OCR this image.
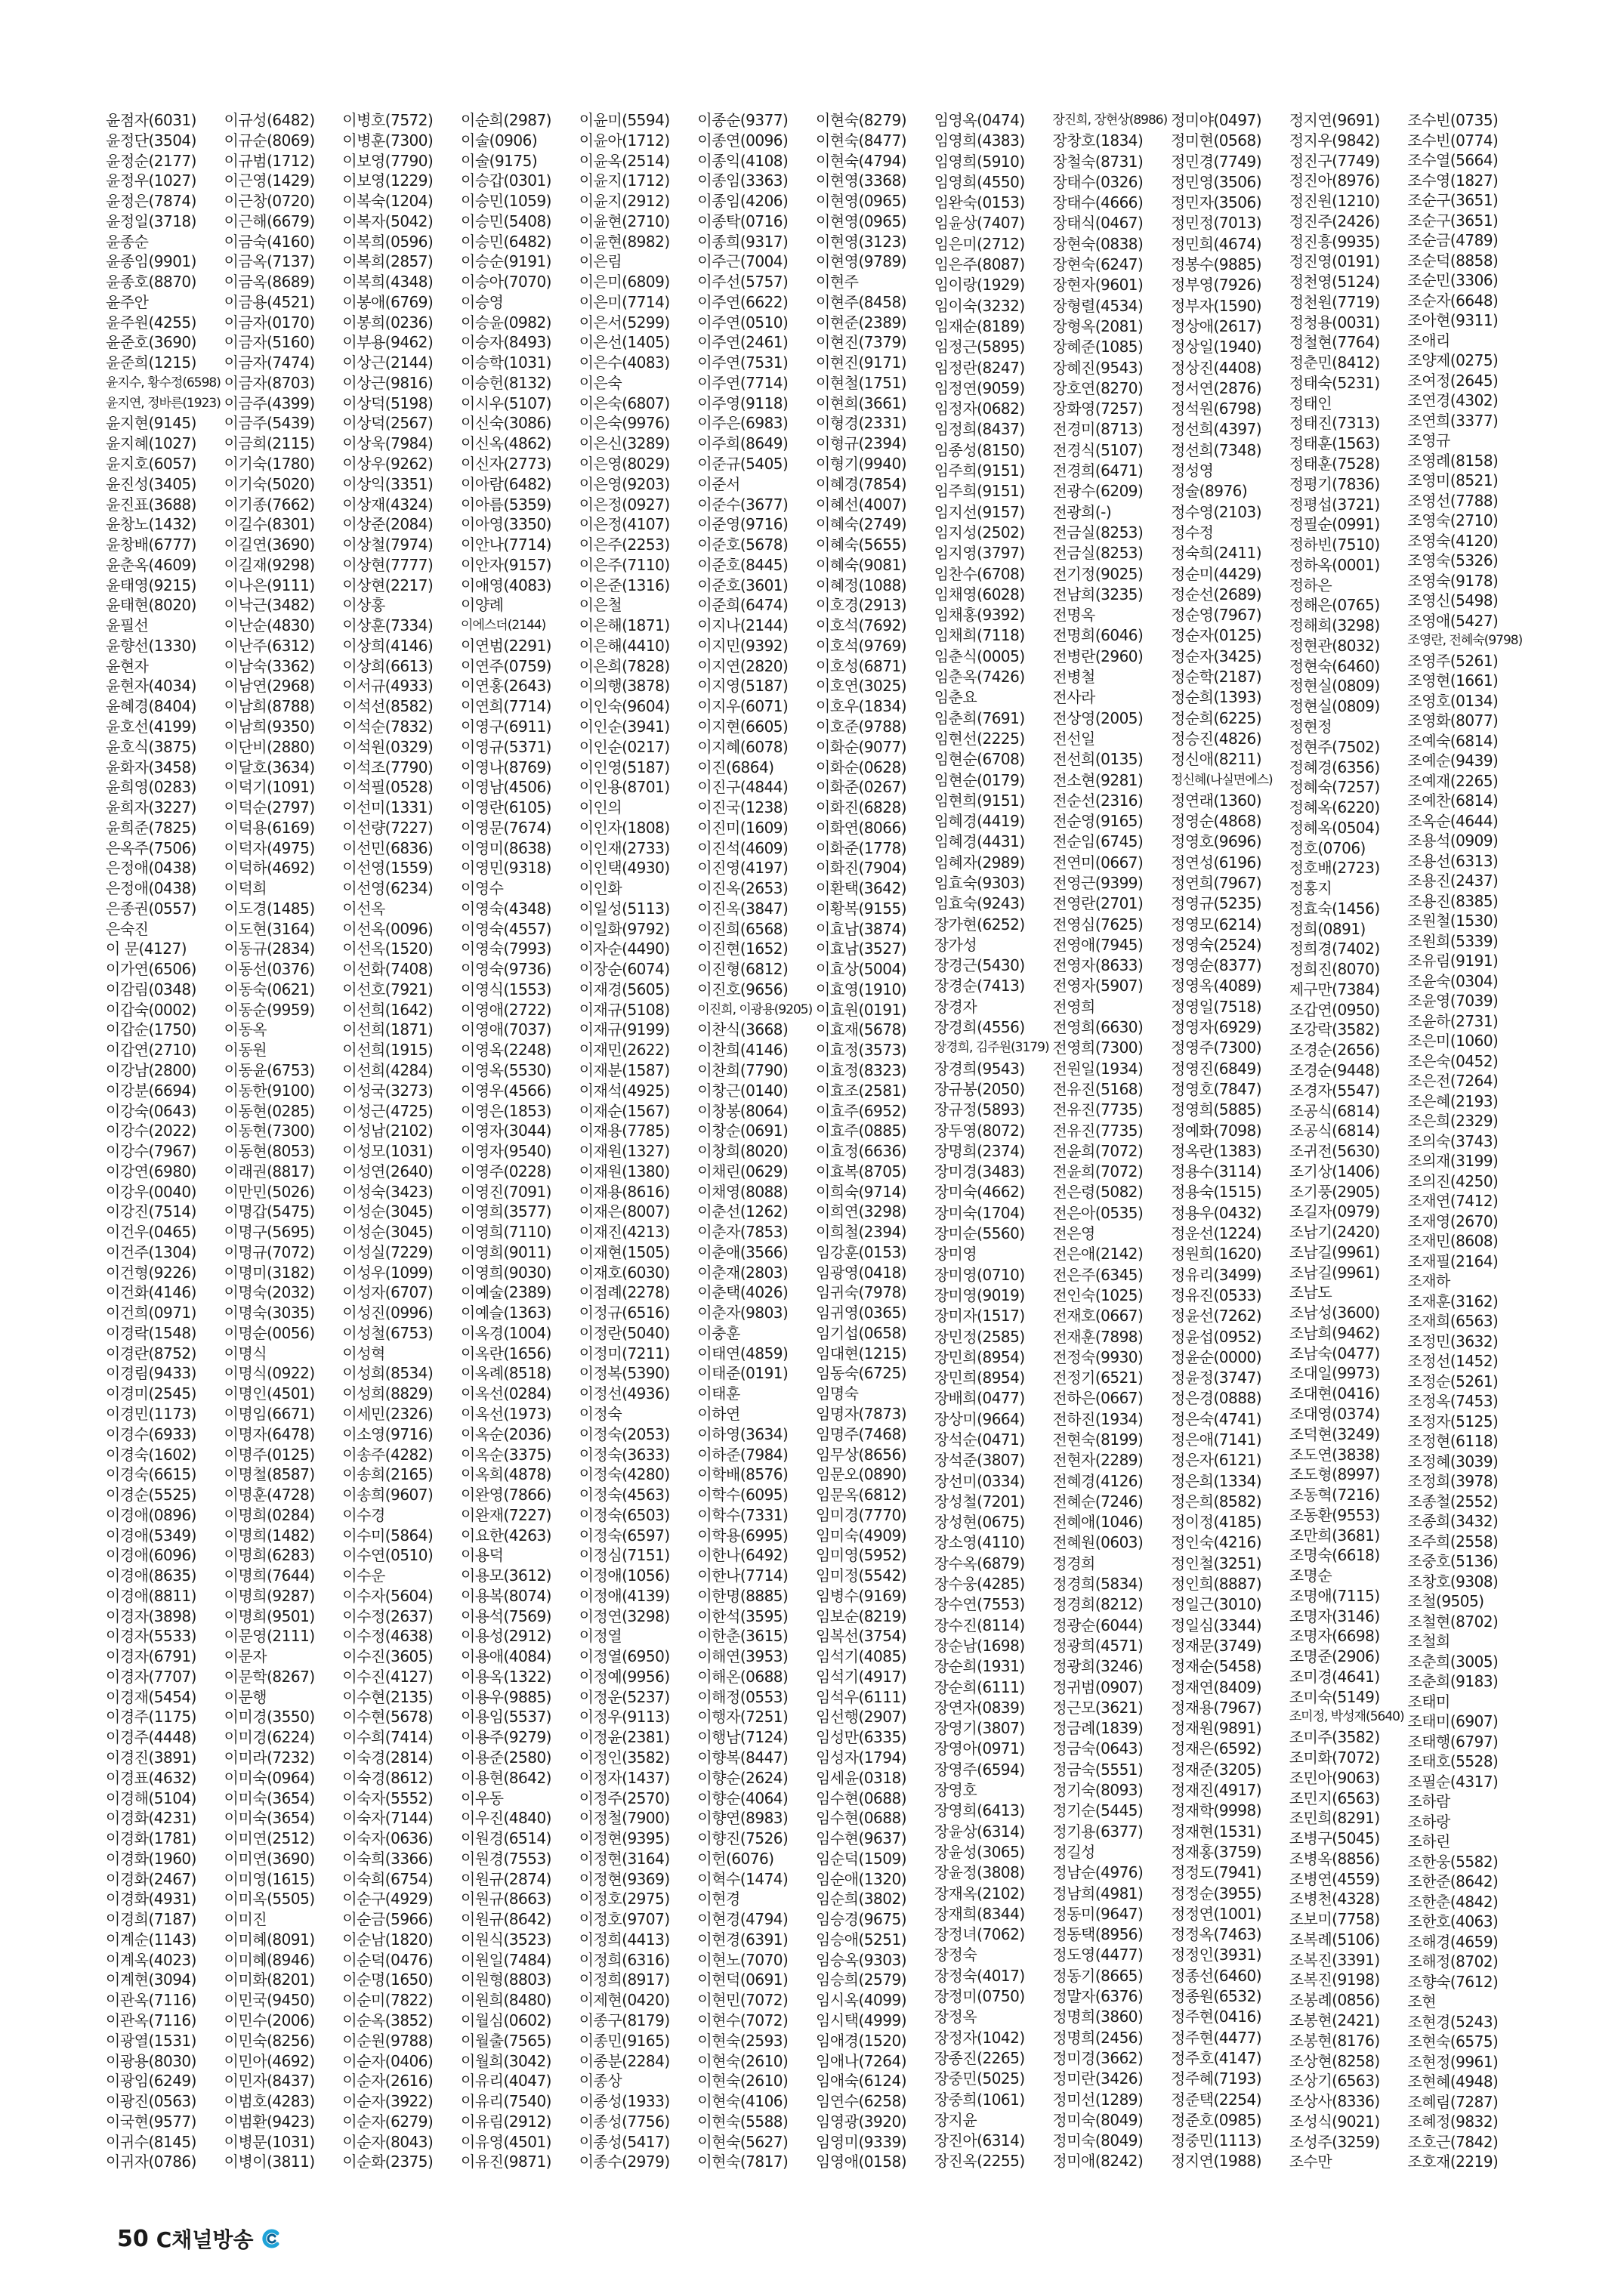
윤점자(6031)
윤정단(3504)
윤정순(2177)
윤정우(1027)
윤정은(7874)
윤정일(3718)
윤종순
윤종임(9901)
윤종호(8870)
윤주안
윤주원(4255)
윤준호(3690)
윤준희(1215)
윤지수, 황수정(6598)
윤지연, 정바른(1923)
윤지현(9145)
윤지혜(1027)
윤지호(6057)
윤진성(3405)
윤진표(3688)
윤창노(1432)
윤창배(6777)
윤춘옥(4609)
윤태영(9215)
윤태현(8020)
윤필선
윤향선(1330)
윤현자
윤현자(4034)
윤혜경(8404)
윤호선(4199)
윤호식(3875)
윤화자(3458)
윤희영(0283)
윤희자(3227)
윤희준(7825)
은옥주(7506)
은정애(0438)
은정애(0438)
은종권(0557)
은숙진
이 문(4127)
이가연(6506)
이감림(0348)
이갑숙(0002)
이갑순(1750)
이갑연(2710)
이강남(2800)
이강분(6694)
이강숙(0643)
이강수(2022)
이강수(7967)
이강연(6980)
이강우(0040)
이강진(7514)
이건우(0465)
이건주(1304)
이건형(9226)
이건화(4146)
이건희(0971)
이경락(1548)
이경란(8752)
이경림(9433)
이경미(2545)
이경민(1173)
이경수(6933)
이경숙(1602)
이경숙(6615)
이경순(5525)
이경애(0896)
이경애(5349)
이경애(6096)
이경애(8635)
이경애(8811)
이경자(3898)
이경자(5533)
이경자(6791)
이경자(7707)
이경재(5454)
이경주(1175)
이경주(4448)
이경진(3891)
이경표(4632)
이경해(5104)
이경화(4231)
이경화(1781)
이경화(1960)
이경화(2467)
이경화(4931)
이경희(7187)
이계순(1143)
이계옥(4023)
이계현(3094)
이관옥(7116)
이관옥(7116)
이광열(1531)
이광용(8030)
이광임(6249)
이광진(0563)
이국현(9577)
이귀수(8145)
이귀자(0786)
이규성(6482)
이규순(8069)
이규범(1712)
이근영(1429)
이근창(0720)
이근해(6679)
이금숙(4160)
이금옥(7137)
이금옥(8689)
이금용(4521)
이금자(0170)
이금자(5160)
이금자(7474)
이금자(8703)
이금주(4399)
이금주(5439)
이금희(2115)
이기숙(1780)
이기숙(5020)
이기종(7662)
이길수(8301)
이길연(3690)
이길재(9298)
이나은(9111)
이낙근(3482)
이난순(4830)
이난주(6312)
이남숙(3362)
이남연(2968)
이남희(8788)
이남희(9350)
이단비(2880)
이달호(3634)
이덕기(1091)
이덕순(2797)
이덕용(6169)
이덕자(4975)
이덕하(4692)
이덕희
이도경(1485)
이도현(3164)
이동규(2834)
이동선(0376)
이동숙(0621)
이동순(9959)
이동옥
이동원
이동윤(6753)
이동한(9100)
이동현(0285)
이동현(7300)
이동현(8053)
이래권(8817)
이만민(5026)
이명갑(5475)
이명구(5695)
이명규(7072)
이명미(3182)
이명숙(2032)
이명숙(3035)
이명순(0056)
이명식
이명식(0922)
이명인(4501)
이명임(6671)
이명자(6478)
이명주(0125)
이명철(8587)
이명훈(4728)
이명희(0284)
이명희(1482)
이명희(6283)
이명희(7644)
이명희(9287)
이명희(9501)
이문영(2111)
이문자
이문학(8267)
이문행
이미경(3550)
이미경(6224)
이미라(7232)
이미숙(0964)
이미숙(3654)
이미숙(3654)
이미연(2512)
이미연(3690)
이미영(1615)
이미옥(5505)
이미진
이미혜(8091)
이미혜(8946)
이미화(8201)
이민국(9450)
이민수(2006)
이민숙(8256)
이민아(4692)
이민자(8437)
이범호(4283)
이범환(9423)
이병문(1031)
이병이(3811)
이병호(7572)
이병훈(7300)
이보영(7790)
이보영(1229)
이복숙(1204)
이복자(5042)
이복희(0596)
이복희(2857)
이복희(4348)
이봉애(6769)
이봉희(0236)
이부용(9462)
이상근(2144)
이상근(9816)
이상덕(5198)
이상덕(2567)
이상욱(7984)
이상우(9262)
이상익(3351)
이상재(4324)
이상준(2084)
이상철(7974)
이상현(7777)
이상현(2217)
이상홍
이상훈(7334)
이상희(4146)
이상희(6613)
이서규(4933)
이석선(8582)
이석순(7832)
이석원(0329)
이석조(7790)
이석필(0528)
이선미(1331)
이선량(7227)
이선민(6836)
이선영(1559)
이선영(6234)
이선옥
이선옥(0096)
이선옥(1520)
이선화(7408)
이선호(7921)
이선희(1642)
이선희(1871)
이선희(1915)
이선희(4284)
이성국(3273)
이성근(4725)
이성남(2102)
이성모(1031)
이성연(2640)
이성숙(3423)
이성순(3045)
이성순(3045)
이성실(7229)
이성우(1099)
이성자(6707)
이성진(0996)
이성철(6753)
이성혁
이성희(8534)
이성희(8829)
이세민(2326)
이소영(9716)
이송주(4282)
이송희(2165)
이송희(9607)
이수경
이수미(5864)
이수연(0510)
이수운
이수자(5604)
이수정(2637)
이수정(4638)
이수진(3605)
이수진(4127)
이수현(2135)
이수현(5678)
이수희(7414)
이숙경(2814)
이숙경(8612)
이숙자(5552)
이숙자(7144)
이숙자(0636)
이숙희(3366)
이숙희(6754)
이순구(4929)
이순금(5966)
이순남(1820)
이순덕(0476)
이순명(1650)
이순미(7822)
이순옥(3852)
이순원(9788)
이순자(0406)
이순자(2616)
이순자(3922)
이순자(6279)
이순자(8043)
이순화(2375)
이순희(2987)
이술(0906)
이술(9175)
이승갑(0301)
이승민(1059)
이승민(5408)
이승민(6482)
이승순(9191)
이승아(7070)
이승영
이승윤(0982)
이승자(8493)
이승학(1031)
이승헌(8132)
이시우(5107)
이신숙(3086)
이신옥(4862)
이신자(2773)
이아람(6482)
이아름(5359)
이아영(3350)
이안나(7714)
이안자(9157)
이애영(4083)
이양례
이에스더(2144)
이연범(2291)
이연주(0759)
이연홍(2643)
이연희(7714)
이영구(6911)
이영규(5371)
이영나(8769)
이영남(4506)
이영란(6105)
이영문(7674)
이영미(8638)
이영민(9318)
이영수
이영숙(4348)
이영숙(4557)
이영숙(7993)
이영숙(9736)
이영식(1553)
이영애(2722)
이영애(7037)
이영옥(2248)
이영옥(5530)
이영우(4566)
이영은(1853)
이영자(3044)
이영자(9540)
이영주(0228)
이영진(7091)
이영희(3577)
이영희(7110)
이영희(9011)
이영희(9030)
이예술(2389)
이예슬(1363)
이옥경(1004)
이옥란(1656)
이옥례(8518)
이옥선(0284)
이옥선(1973)
이옥순(2036)
이옥순(3375)
이옥희(4878)
이완영(7866)
이완재(7227)
이요한(4263)
이용덕
이용모(3612)
이용복(8074)
이용석(7569)
이용성(2912)
이용애(4084)
이용옥(1322)
이용우(9885)
이용임(5537)
이용주(9279)
이용준(2580)
이용현(8642)
이우동
이우진(4840)
이원경(6514)
이원경(7553)
이원규(2874)
이원규(8663)
이원규(8642)
이원식(3523)
이원일(7484)
이원형(8803)
이원희(8480)
이월심(0602)
이월출(7565)
이월희(3042)
이유리(4047)
이유리(7540)
이유림(2912)
이유영(4501)
이유진(9871)
이윤미(5594)
이윤아(1712)
이윤옥(2514)
이윤지(1712)
이윤지(2912)
이윤현(2710)
이윤현(8982)
이은림
이은미(6809)
이은미(7714)
이은서(5299)
이은선(1405)
이은수(4083)
이은숙
이은숙(6807)
이은숙(9976)
이은신(3289)
이은영(8029)
이은영(9203)
이은정(0927)
이은정(4107)
이은주(2253)
이은주(7110)
이은준(1316)
이은철
이은해(1871)
이은해(4410)
이은희(7828)
이의행(3878)
이인숙(9604)
이인순(3941)
이인순(0217)
이인영(5187)
이인용(8701)
이인의
이인자(1808)
이인재(2733)
이인택(4930)
이인화
이일성(5113)
이일화(9792)
이자순(4490)
이장순(6074)
이재경(5605)
이재규(5108)
이재규(9199)
이재민(2622)
이재분(1587)
이재석(4925)
이재순(1567)
이재용(7785)
이재원(1327)
이재원(1380)
이재용(8616)
이재은(8007)
이재진(4213)
이재현(1505)
이재호(6030)
이점례(2278)
이정규(6516)
이정란(5040)
이정미(7211)
이정복(5390)
이정선(4936)
이정숙
이정숙(2053)
이정숙(3633)
이정숙(4280)
이정숙(4563)
이정숙(6503)
이정숙(6597)
이정심(7151)
이정애(1056)
이정애(4139)
이정연(3298)
이정열
이정열(6950)
이정예(9956)
이정운(5237)
이정우(9113)
이정윤(2381)
이정인(3582)
이정자(1437)
이정주(2570)
이정철(7900)
이정현(9395)
이정현(3164)
이정현(9369)
이정호(2975)
이정호(9707)
이정희(4413)
이정희(6316)
이정희(8917)
이제현(0420)
이종구(8179)
이종민(9165)
이종분(2284)
이종상
이종성(1933)
이종성(7756)
이종성(5417)
이종수(2979)
이종순(9377)
이종연(0096)
이종익(4108)
이종임(3363)
이종임(4206)
이종탁(0716)
이종희(9317)
이주근(7004)
이주선(5757)
이주연(6622)
이주연(0510)
이주연(2461)
이주연(7531)
이주연(7714)
이주영(9118)
이주은(6983)
이주희(8649)
이준규(5405)
이준서
이준수(3677)
이준영(9716)
이준호(5678)
이준호(8445)
이준호(3601)
이준희(6474)
이지나(2144)
이지민(9392)
이지연(2820)
이지영(5187)
이지우(6071)
이지현(6605)
이지혜(6078)
이진(6864)
이진구(4844)
이진국(1238)
이진미(1609)
이진석(4609)
이진영(4197)
이진옥(2653)
이진옥(3847)
이진희(6568)
이진현(1652)
이진형(6812)
이진호(9656)
이진희, 이광용(9205)
이찬식(3668)
이찬희(4146)
이찬희(7790)
이창근(0140)
이창봉(8064)
이창순(0691)
이창희(8020)
이채린(0629)
이채영(8088)
이춘선(1262)
이춘자(7853)
이춘애(3566)
이춘재(2803)
이춘택(4026)
이춘자(9803)
이충훈
이태연(4859)
이태준(0191)
이태훈
이하연
이하영(3634)
이하준(7984)
이학배(8576)
이학수(6095)
이학수(7331)
이학용(6995)
이한나(6492)
이한나(7714)
이한명(8885)
이한석(3595)
이한춘(3615)
이해연(3953)
이해온(0688)
이해정(0553)
이행자(7251)
이행남(7124)
이향복(8447)
이향순(2624)
이향순(4064)
이향연(8983)
이향진(7526)
이헌(6076)
이혁수(1474)
이현경
이현경(4794)
이현경(6391)
이현노(7070)
이현덕(0691)
이현민(7072)
이현수(7072)
이현숙(2593)
이현숙(2610)
이현숙(2610)
이현숙(4106)
이현숙(5588)
이현숙(5627)
이현숙(7817)
이현숙(8279)
이현숙(8477)
이현숙(4794)
이현영(3368)
이현영(0965)
이현영(0965)
이현영(3123)
이현영(9789)
이현주
이현주(8458)
이현준(2389)
이현진(7379)
이현진(9171)
이현철(1751)
이현희(3661)
이형경(2331)
이형규(2394)
이형기(9940)
이혜경(7854)
이혜선(4007)
이혜숙(2749)
이혜숙(5655)
이혜숙(9081)
이혜정(1088)
이호경(2913)
이호석(7692)
이호석(9769)
이호성(6871)
이호연(3025)
이호우(1834)
이호준(9788)
이화순(9077)
이화순(0628)
이화준(0267)
이화진(6828)
이화연(8066)
이화준(1778)
이화진(7904)
이환택(3642)
이황복(9155)
이효남(3874)
이효남(3527)
이효상(5004)
이효영(1910)
이효원(0191)
이효재(5678)
이효정(3573)
이효정(8323)
이효조(2581)
이효주(6952)
이효주(0885)
이효정(6636)
이효복(8705)
이희숙(9714)
이희연(3298)
이희철(2394)
임강훈(0153)
임광영(0418)
임귀숙(7978)
임귀영(0365)
임기섭(0658)
임대현(1215)
임동숙(6725)
임명숙
임명자(7873)
임명주(7468)
임무상(8656)
임문오(0890)
임문옥(6812)
임미경(7770)
임미숙(4909)
임미영(5952)
임미정(5542)
임병수(9169)
임보순(8219)
임복선(3754)
임석기(4085)
임석기(4917)
임석우(6111)
임선행(2907)
임성만(6335)
임성자(1794)
임세윤(0318)
임수현(0688)
임수현(0688)
임수현(9637)
임순덕(1509)
임순애(1320)
임순희(3802)
임승경(9675)
임승애(5251)
임승옥(9303)
임승희(2579)
임시옥(4099)
임시택(4999)
임애경(1520)
임애나(7264)
임애숙(6124)
임연수(6258)
임영광(3920)
임영미(9339)
임영애(0158)
임영옥(0474)
임영희(4383)
임영희(5910)
임영희(4550)
임완숙(0153)
임윤상(7407)
임은미(2712)
임은주(8087)
임이랑(1929)
임이숙(3232)
임재순(8189)
임정근(5895)
임정란(8247)
임정연(9059)
임정자(0682)
임정희(8437)
임종성(8150)
임주희(9151)
임주희(9151)
임지선(9157)
임지성(2502)
임지영(3797)
임찬수(6708)
임채영(6028)
임채홍(9392)
임채희(7118)
임춘식(0005)
임춘옥(7426)
임춘요
임춘희(7691)
임현선(2225)
임현순(6708)
임현순(0179)
임현희(9151)
임혜경(4419)
임혜경(4431)
임혜자(2989)
임효숙(9303)
임효숙(9243)
장가현(6252)
장가성
장경근(5430)
장경순(7413)
장경자
장경희(4556)
장경희, 김주원(3179)
장경희(9543)
장규봉(2050)
장규정(5893)
장두영(8072)
장명희(2374)
장미경(3483)
장미숙(4662)
장미숙(1704)
장미순(5560)
장미영
장미영(0710)
장미영(9019)
장미자(1517)
장민정(2585)
장민희(8954)
장민희(8954)
장배희(0477)
장상미(9664)
장석순(0471)
장석준(3807)
장선미(0334)
장성철(7201)
장성현(0675)
장소영(4110)
장수옥(6879)
장수웅(4285)
장수연(7553)
장수진(8114)
장순남(1698)
장순희(1931)
장순희(6111)
장연자(0839)
장영기(3807)
장영아(0971)
장영주(6594)
장영호
장영희(6413)
장윤상(6314)
장윤성(3065)
장윤정(3808)
장재옥(2102)
장재희(8344)
장정녀(7062)
장정숙
장정숙(4017)
장정미(0750)
장정옥
장정자(1042)
장종진(2265)
장중민(5025)
장중희(1061)
장지윤
장진아(6314)
장진옥(2255)
장진희, 장현상(8986)
장창호(1834)
장철숙(8731)
장태수(0326)
장태수(4666)
장태식(0467)
장현숙(0838)
장현숙(6247)
장현자(9601)
장형렬(4534)
장형옥(2081)
장혜준(1085)
장혜진(9543)
장호연(8270)
장화영(7257)
전경미(8713)
전경식(5107)
전경희(6471)
전광수(6209)
전광희(-)
전금실(8253)
전금실(8253)
전기정(9025)
전남희(3235)
전명옥
전명희(6046)
전병란(2960)
전병철
전사라
전상영(2005)
전선일
전선희(0135)
전소현(9281)
전순선(2316)
전순영(9165)
전순임(6745)
전연미(0667)
전영근(9399)
전영란(2701)
전영심(7625)
전영애(7945)
전영자(8633)
전영자(5907)
전영희
전영희(6630)
전영희(7300)
전원일(1934)
전유진(5168)
전유진(7735)
전유진(7735)
전윤희(7072)
전윤희(7072)
전은령(5082)
전은아(0535)
전은영
전은애(2142)
전은주(6345)
전인숙(1025)
전재호(0667)
전재훈(7898)
전정숙(9930)
전정기(6521)
전하은(0667)
전하진(1934)
전현숙(8199)
전현자(2289)
전혜경(4126)
전혜순(7246)
전혜애(1046)
전혜원(0603)
정경희
정경희(5834)
정경희(8212)
정광순(6044)
정광희(4571)
정광희(3246)
정귀범(0907)
정근모(3621)
정금례(1839)
정금숙(0643)
정금숙(5551)
정기숙(8093)
정기순(5445)
정기용(6377)
정길성
정남순(4976)
정남희(4981)
정동미(9647)
정동택(8956)
정도영(4477)
정동기(8665)
정말자(6376)
정명희(3860)
정명희(2456)
정미경(3662)
정미란(3426)
정미선(1289)
정미숙(8049)
정미숙(8049)
정미애(8242)
정미야(0497)
정미현(0568)
정민경(7749)
정민영(3506)
정민자(3506)
정민정(7013)
정민희(4674)
정봉수(9885)
정부영(7926)
정부자(1590)
정상애(2617)
정상일(1940)
정상진(4408)
정서연(2876)
정석원(6798)
정선희(4397)
정선희(7348)
정성영
정술(8976)
정수영(2103)
정수정
정숙희(2411)
정순미(4429)
정순선(2689)
정순영(7967)
정순자(0125)
정순자(3425)
정순학(2187)
정순희(1393)
정순희(6225)
정승진(4826)
정신애(8211)
정신혜(나실면에스)
정연래(1360)
정영순(4868)
정영호(9696)
정연성(6196)
정연희(7967)
정영규(5235)
정영모(6214)
정영숙(2524)
정영순(8377)
정영옥(4089)
정영일(7518)
정영자(6929)
정영주(7300)
정영진(6849)
정영호(7847)
정영희(5885)
정예화(7098)
정옥란(1383)
정용수(3114)
정용숙(1515)
정용우(0432)
정운선(1224)
정원희(1620)
정유리(3499)
정유진(0533)
정윤선(7262)
정윤섭(0952)
정윤순(0000)
정윤정(3747)
정은경(0888)
정은숙(4741)
정은애(7141)
정은자(6121)
정은희(1334)
정은희(8582)
정이정(4185)
정인숙(4216)
정인철(3251)
정인희(8887)
정일근(3010)
정일심(3344)
정재문(3749)
정재순(5458)
정재연(8409)
정재용(7967)
정재원(9891)
정재은(6592)
정재준(3205)
정재진(4917)
정재학(9998)
정재현(1531)
정재홍(3759)
정정도(7941)
정정순(3955)
정정연(1001)
정정옥(7463)
정정인(3931)
정종선(6460)
정종원(6532)
정주현(0416)
정주현(4477)
정주호(4147)
정주혜(7193)
정준택(2254)
정준호(0985)
정중민(1113)
정지연(1988)
정지연(9691)
정지우(9842)
정진구(7749)
정진아(8976)
정진원(1210)
정진주(2426)
정진흥(9935)
정진영(0191)
정천영(5124)
정천원(7719)
정청용(0031)
정철현(7764)
정춘민(8412)
정태숙(5231)
정태인
정태진(7313)
정태훈(1563)
정태훈(7528)
정평기(7836)
정평섭(3721)
정필순(0991)
정하빈(7510)
정하옥(0001)
정하은
정해은(0765)
정해희(3298)
정현관(8032)
정현숙(6460)
정현실(0809)
정현실(0809)
정현정
정현주(7502)
정혜경(6356)
정혜숙(7257)
정혜옥(6220)
정혜옥(0504)
정호(0706)
정호배(2723)
정홍지
정효숙(1456)
정희(0891)
정희경(7402)
정희진(8070)
제구만(7384)
조갑연(0950)
조강락(3582)
조경순(2656)
조경순(9448)
조경자(5547)
조공식(6814)
조공식(6814)
조귀전(5630)
조기상(1406)
조기풍(2905)
조길자(0979)
조남기(2420)
조남길(9961)
조남길(9961)
조남도
조남성(3600)
조남희(9462)
조남숙(0477)
조대일(9973)
조대현(0416)
조대영(0374)
조덕현(3249)
조도연(3838)
조도형(8997)
조동혁(7216)
조동환(9553)
조만희(3681)
조명숙(6618)
조명순
조명애(7115)
조명자(3146)
조명자(6698)
조명준(2906)
조미경(4641)
조미숙(5149)
조미정, 박성재(5640)
조미주(3582)
조미화(7072)
조민아(9063)
조민지(6563)
조민희(8291)
조병구(5045)
조병옥(8856)
조병연(4559)
조병천(4328)
조보미(7758)
조복례(5106)
조복진(3391)
조복진(9198)
조봉례(0856)
조봉현(2421)
조봉현(8176)
조상현(8258)
조상기(6563)
조상사(8336)
조성식(9021)
조성주(3259)
조수만
조수빈(0735)
조수빈(0774)
조수열(5664)
조수영(1827)
조순구(3651)
조순구(3651)
조순금(4789)
조순덕(8858)
조순민(3306)
조순자(6648)
조아현(9311)
조애리
조양제(0275)
조여정(2645)
조연경(4302)
조연희(3377)
조영규
조영례(8158)
조영미(8521)
조영선(7788)
조영숙(2710)
조영숙(4120)
조영숙(5326)
조영숙(9178)
조영신(5498)
조영애(5427)
조영란, 전혜숙(9798)
조영주(5261)
조영현(1661)
조영호(0134)
조영화(8077)
조예숙(6814)
조예순(9439)
조예재(2265)
조예찬(6814)
조옥순(4644)
조용석(0909)
조용선(6313)
조용진(2437)
조용진(8385)
조원철(1530)
조원희(5339)
조유림(9191)
조윤숙(0304)
조윤영(7039)
조윤하(2731)
조은미(1060)
조은숙(0452)
조은전(7264)
조은혜(2193)
조은희(2329)
조의숙(3743)
조의재(3199)
조의진(4250)
조재연(7412)
조재영(2670)
조재민(8608)
조재필(2164)
조재하
조재훈(3162)
조재희(6563)
조정민(3632)
조정선(1452)
조정순(5261)
조정옥(7453)
조정자(5125)
조정현(6118)
조정혜(3039)
조정희(3978)
조종철(2552)
조종희(3432)
조주희(2558)
조중호(5136)
조창호(9308)
조철(9505)
조철현(8702)
조철희
조춘희(3005)
조춘희(9183)
조태미
조태미(6907)
조태행(6797)
조태호(5528)
조필순(4317)
조하람
조하랑
조하린
조한웅(5582)
조한준(8642)
조한춘(4842)
조한호(4063)
조해경(4659)
조해정(8702)
조향숙(7612)
조현
조현경(5243)
조현숙(6575)
조현정(9961)
조현혜(4948)
조혜림(7287)
조혜정(9832)
조호근(7842)
조호재(2219)
50 C채널방송
